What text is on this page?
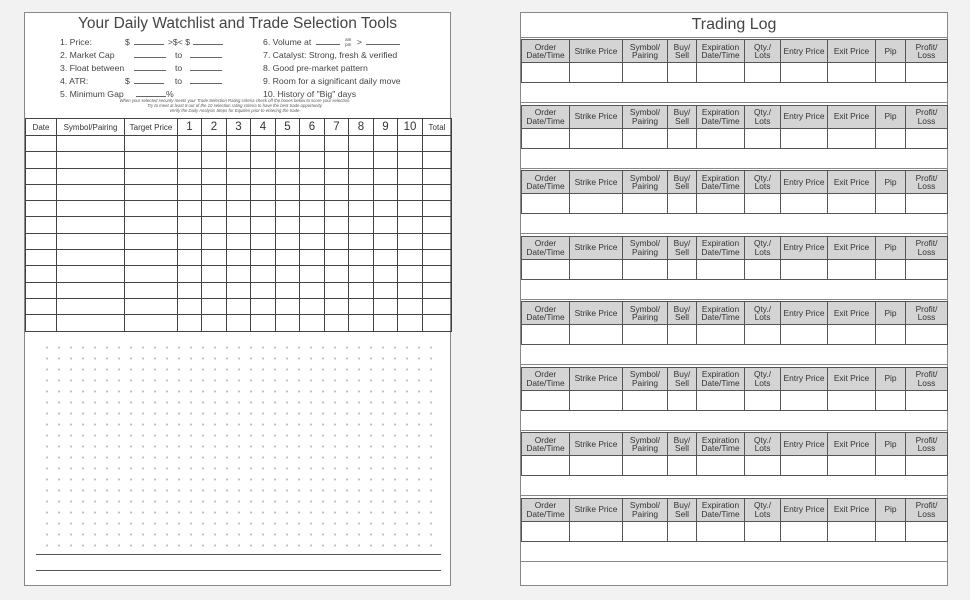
Your Daily Watchlist and Trade Selection Tools
1. Price:	$	>$< $
2. Market Cap	to
3. Float between	to
4. ATR:	$	to
5. Minimum Gap	%
6. Volume at	am
pm >
7. Catalyst: Strong, fresh & verified
8. Good pre-market pattern
9. Room for a significant daily move
10. History of "Big" days
When your selected security meets your Trade Selection Rating criteria check off the boxes below to score your selection.
Try to meet at least 8 out of the 10 selection rating criteria to have the best trade opportunity.
Verify the Daily Analysis Steps for Equities prior to entering the trade.
Date	Symbol/Pairing	Target Price	1	2	3	4	5	6	7	8	9	10	Total

Trading Log
Order Date/Time	Strike Price	Symbol/ Pairing	Buy/ Sell	Expiration Date/Time	Qty./ Lots	Entry Price	Exit Price	Pip	Profit/ Loss

Order Date/Time	Strike Price	Symbol/ Pairing	Buy/ Sell	Expiration Date/Time	Qty./ Lots	Entry Price	Exit Price	Pip	Profit/ Loss

Order Date/Time	Strike Price	Symbol/ Pairing	Buy/ Sell	Expiration Date/Time	Qty./ Lots	Entry Price	Exit Price	Pip	Profit/ Loss

Order Date/Time	Strike Price	Symbol/ Pairing	Buy/ Sell	Expiration Date/Time	Qty./ Lots	Entry Price	Exit Price	Pip	Profit/ Loss

Order Date/Time	Strike Price	Symbol/ Pairing	Buy/ Sell	Expiration Date/Time	Qty./ Lots	Entry Price	Exit Price	Pip	Profit/ Loss

Order Date/Time	Strike Price	Symbol/ Pairing	Buy/ Sell	Expiration Date/Time	Qty./ Lots	Entry Price	Exit Price	Pip	Profit/ Loss

Order Date/Time	Strike Price	Symbol/ Pairing	Buy/ Sell	Expiration Date/Time	Qty./ Lots	Entry Price	Exit Price	Pip	Profit/ Loss

Order Date/Time	Strike Price	Symbol/ Pairing	Buy/ Sell	Expiration Date/Time	Qty./ Lots	Entry Price	Exit Price	Pip	Profit/ Loss
